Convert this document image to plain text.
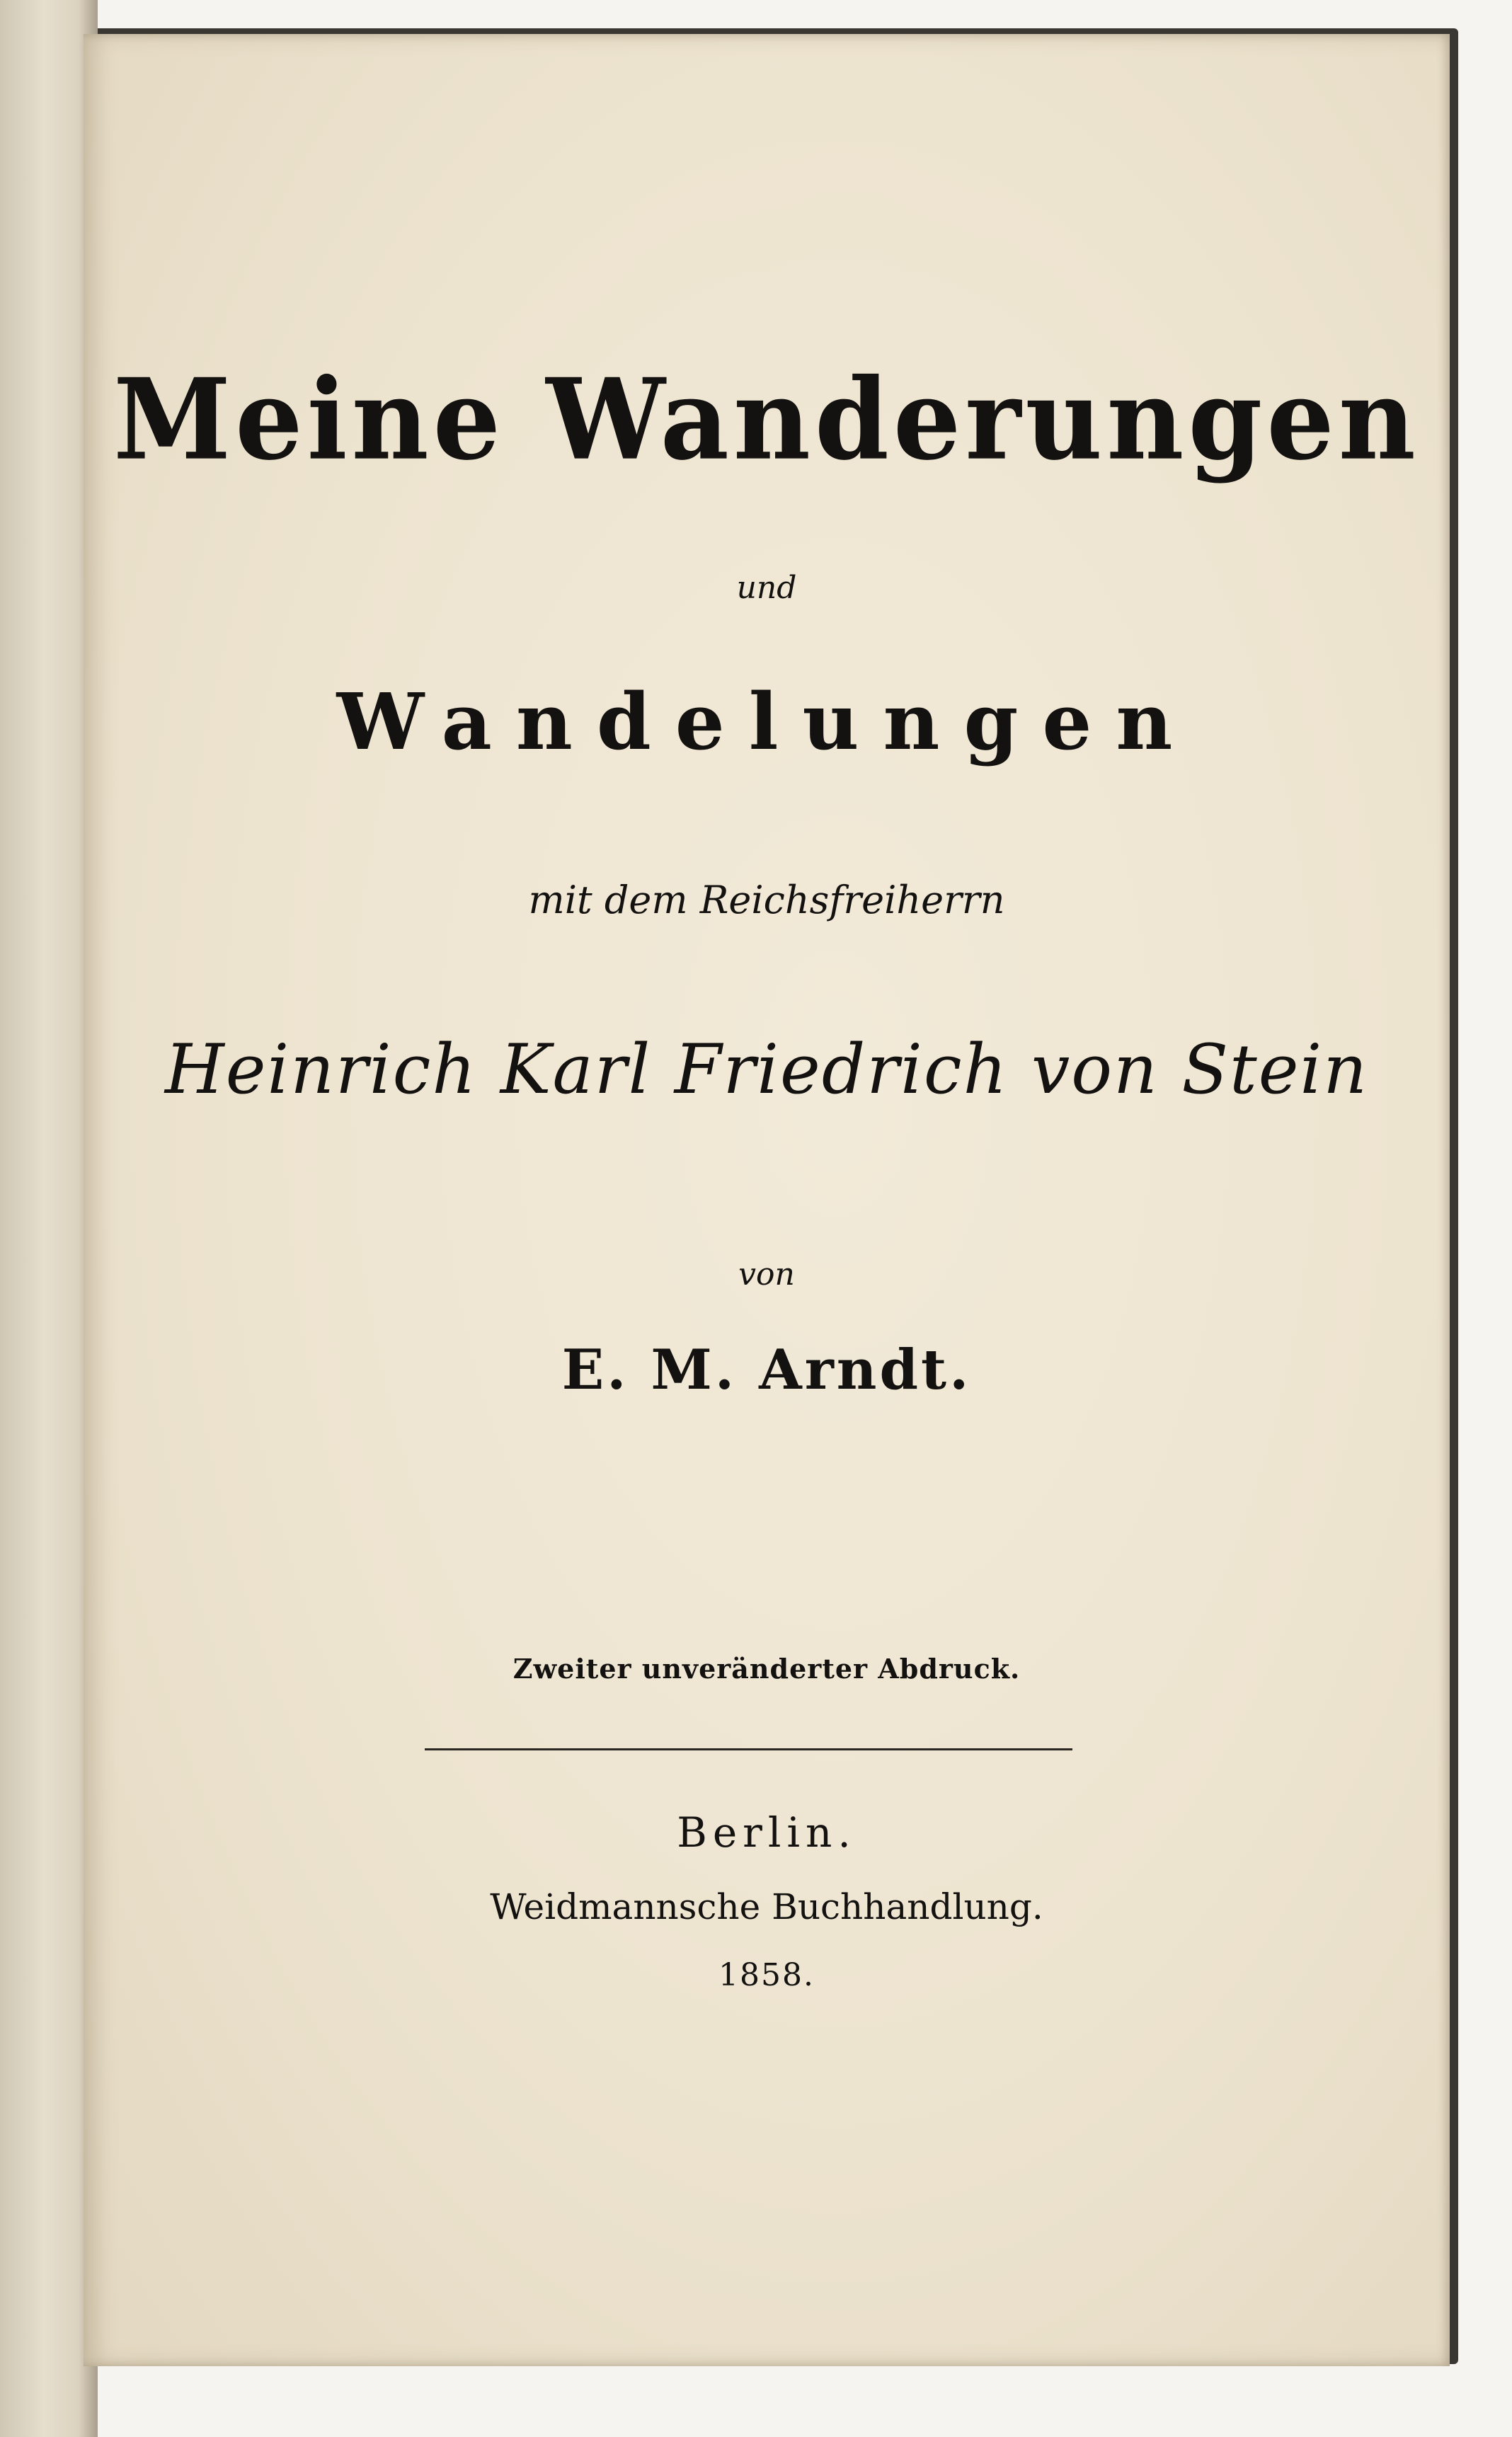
Meine Wanderungen
und
Wandelungen
mit dem Reichsfreiherrn
Heinrich Karl Friedrich von Stein
von
E. M. Arndt.
Zweiter unveränderter Abdruck.
Berlin.
Weidmannsche Buchhandlung.
1858.
